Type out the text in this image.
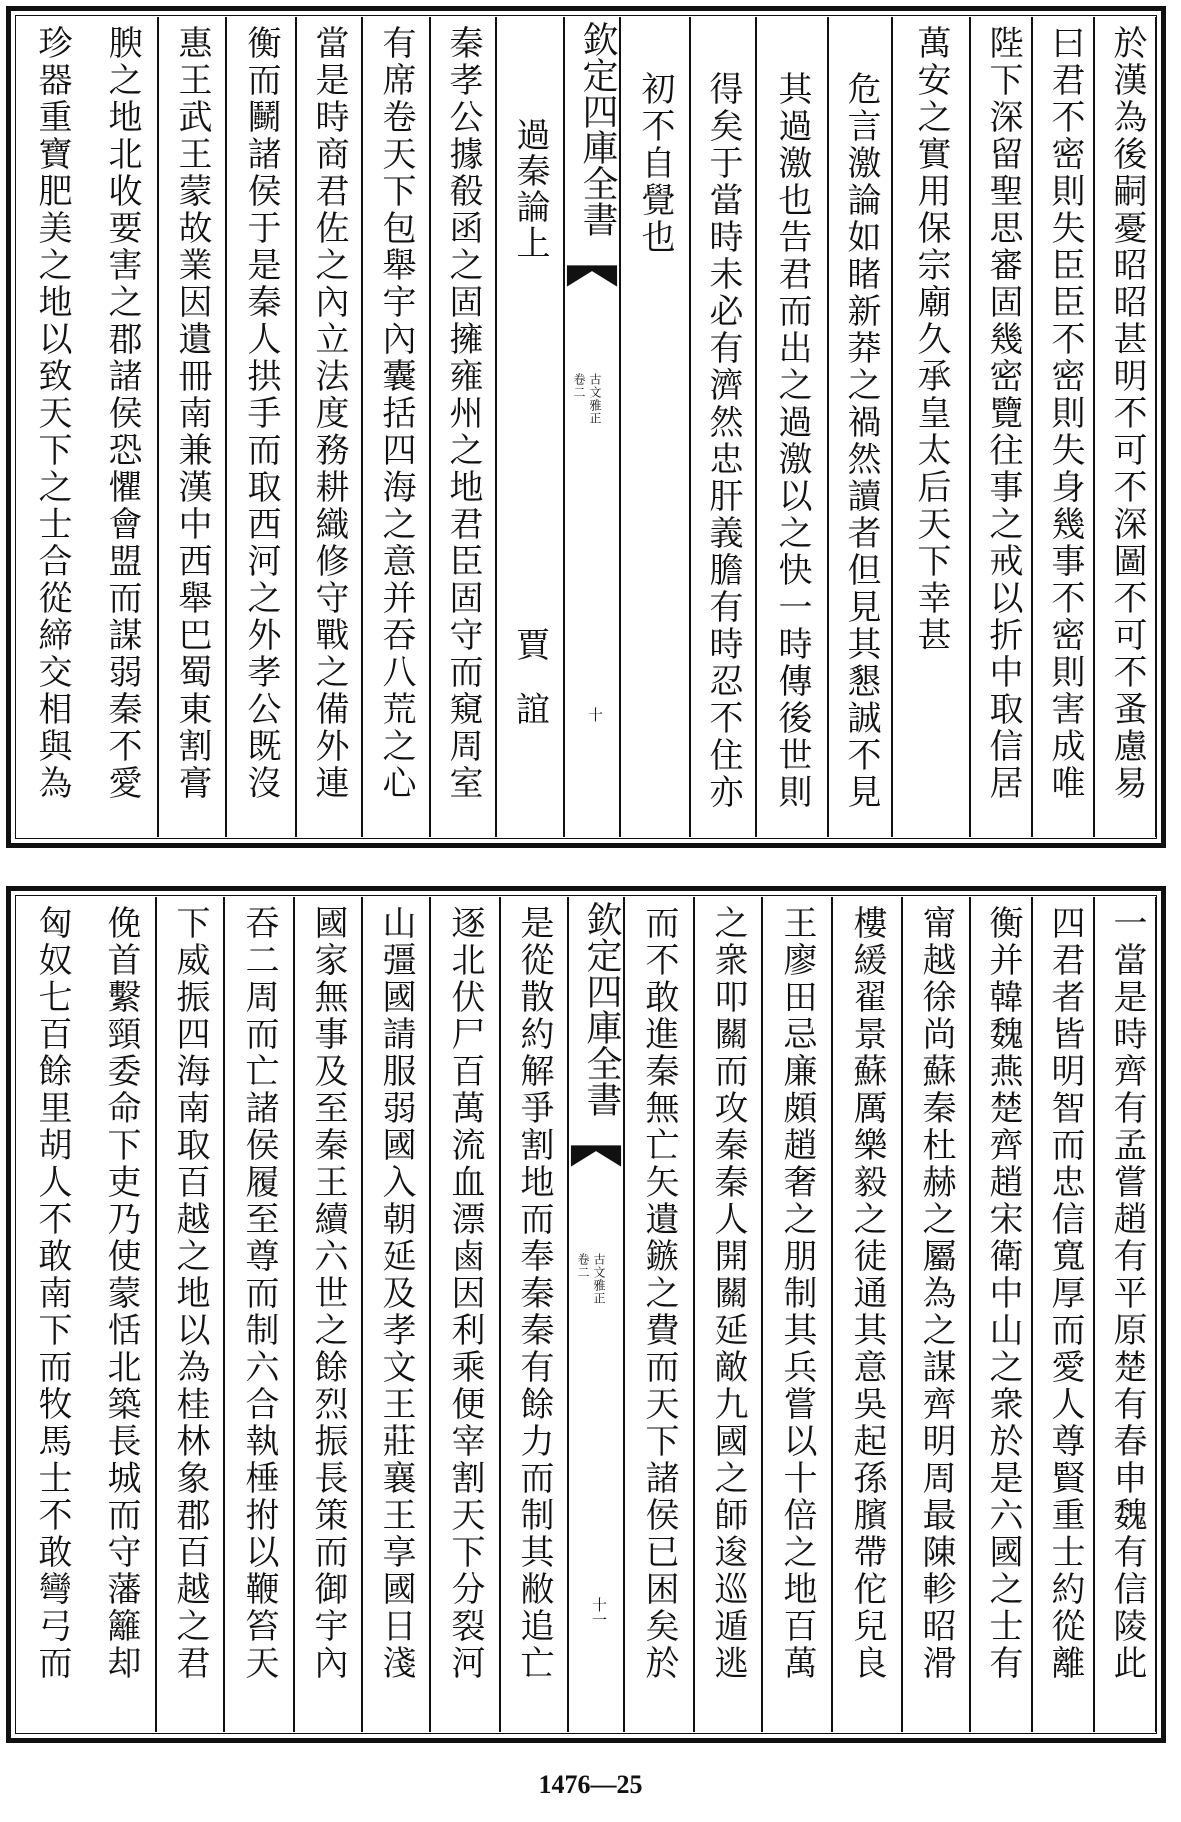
於漢為後嗣憂昭昭甚明不可不深圖不可不蚤慮易
曰君不密則失臣臣不密則失身幾事不密則害成唯
陛下深留聖思審固幾密覽往事之戒以折中取信居
萬安之實用保宗廟久承皇太后天下幸甚
危言激論如睹新莽之禍然讀者但見其懇誠不見
其過激也告君而出之過激以之快一時傳後世則
得矣于當時未必有濟然忠肝義膽有時忍不住亦
初不自覺也
欽定四庫全書
古文雅正
卷二
十
過秦論上
賈誼
秦孝公據殽函之固擁雍州之地君臣固守而窺周室
有席卷天下包舉宇內囊括四海之意并吞八荒之心
當是時商君佐之內立法度務耕織修守戰之備外連
衡而鬭諸侯于是秦人拱手而取西河之外孝公既沒
惠王武王蒙故業因遺冊南兼漢中西舉巴蜀東割膏
腴之地北收要害之郡諸侯恐懼會盟而謀弱秦不愛
珍器重寶肥美之地以致天下之士合從締交相與為
一當是時齊有孟嘗趙有平原楚有春申魏有信陵此
四君者皆明智而忠信寬厚而愛人尊賢重士約從離
衡并韓魏燕楚齊趙宋衛中山之衆於是六國之士有
甯越徐尚蘇秦杜赫之屬為之謀齊明周最陳軫昭滑
樓緩翟景蘇厲樂毅之徒通其意吳起孫臏帶佗兒良
王廖田忌廉頗趙奢之朋制其兵嘗以十倍之地百萬
之衆叩關而攻秦秦人開關延敵九國之師逡巡遁逃
而不敢進秦無亡矢遺鏃之費而天下諸侯已困矣於
欽定四庫全書
古文雅正
卷二
十一
是從散約解爭割地而奉秦秦有餘力而制其敝追亡
逐北伏尸百萬流血漂鹵因利乘便宰割天下分裂河
山彊國請服弱國入朝延及孝文王莊襄王享國日淺
國家無事及至秦王續六世之餘烈振長策而御宇內
吞二周而亡諸侯履至尊而制六合執棰拊以鞭笞天
下威振四海南取百越之地以為桂林象郡百越之君
俛首繫頸委命下吏乃使蒙恬北築長城而守藩籬却
匈奴七百餘里胡人不敢南下而牧馬士不敢彎弓而
1476—25
